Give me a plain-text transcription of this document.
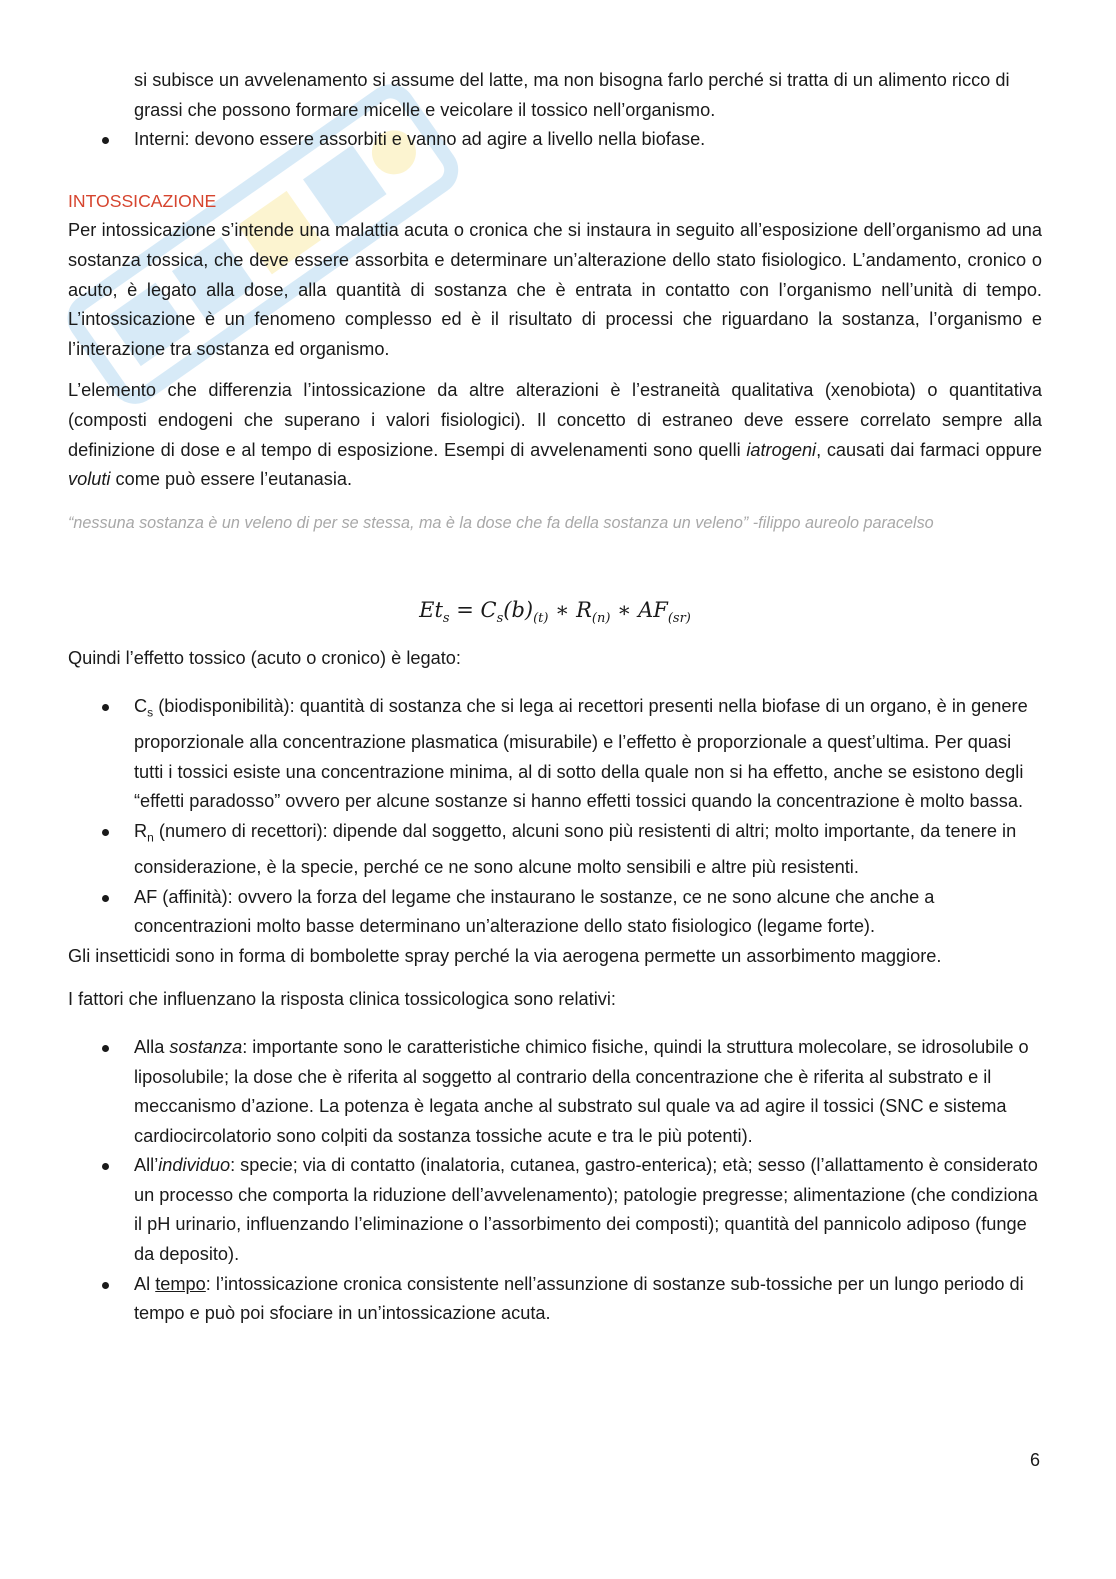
si subisce un avvelenamento si assume del latte, ma non bisogna farlo perché si tratta di un alimento ricco di grassi che possono formare micelle e veicolare il tossico nell’organismo.

Interni: devono essere assorbiti e vanno ad agire a livello nella biofase.

INTOSSICAZIONE

Per intossicazione s’intende una malattia acuta o cronica che si instaura in seguito all’esposizione dell’organismo ad una sostanza tossica, che deve essere assorbita e determinare un’alterazione dello stato fisiologico. L’andamento, cronico o acuto, è legato alla dose, alla quantità di sostanza che è entrata in contatto con l’organismo nell’unità di tempo. L’intossicazione è un fenomeno complesso ed è il risultato di processi che riguardano la sostanza, l’organismo e l’interazione tra sostanza ed organismo.

L’elemento che differenzia l’intossicazione da altre alterazioni è l’estraneità qualitativa (xenobiota) o quantitativa (composti endogeni che superano i valori fisiologici). Il concetto di estraneo deve essere correlato sempre alla definizione di dose e al tempo di esposizione. Esempi di avvelenamenti sono quelli iatrogeni, causati dai farmaci oppure voluti come può essere l’eutanasia.

“nessuna sostanza è un veleno di per se stessa, ma è la dose che fa della sostanza un veleno” -filippo aureolo paracelso

$Et_s = C_s(b)_{(t)}$ ∗ $R_{(n)}$ ∗ $AF_{(sr)}$

Quindi l’effetto tossico (acuto o cronico) è legato:

$C_s$ (biodisponibilità): quantità di sostanza che si lega ai recettori presenti nella biofase di un organo, è in genere proporzionale alla concentrazione plasmatica (misurabile) e l’effetto è proporzionale a quest’ultima. Per quasi tutti i tossici esiste una concentrazione minima, al di sotto della quale non si ha effetto, anche se esistono degli “effetti paradosso” ovvero per alcune sostanze si hanno effetti tossici quando la concentrazione è molto bassa.
$R_n$ (numero di recettori): dipende dal soggetto, alcuni sono più resistenti di altri; molto importante, da tenere in considerazione, è la specie, perché ce ne sono alcune molto sensibili e altre più resistenti.
AF (affinità): ovvero la forza del legame che instaurano le sostanze, ce ne sono alcune che anche a concentrazioni molto basse determinano un’alterazione dello stato fisiologico (legame forte).

Gli insetticidi sono in forma di bombolette spray perché la via aerogena permette un assorbimento maggiore.

I fattori che influenzano la risposta clinica tossicologica sono relativi:

Alla sostanza: importante sono le caratteristiche chimico fisiche, quindi la struttura molecolare, se idrosolubile o liposolubile; la dose che è riferita al soggetto al contrario della concentrazione che è riferita al substrato e il meccanismo d’azione. La potenza è legata anche al substrato sul quale va ad agire il tossici (SNC e sistema cardiocircolatorio sono colpiti da sostanza tossiche acute e tra le più potenti).
All’individuo: specie; via di contatto (inalatoria, cutanea, gastro-enterica); età; sesso (l’allattamento è considerato un processo che comporta la riduzione dell’avvelenamento); patologie pregresse; alimentazione (che condiziona il pH urinario, influenzando l’eliminazione o l’assorbimento dei composti); quantità del pannicolo adiposo (funge da deposito).
Al tempo: l’intossicazione cronica consistente nell’assunzione di sostanze sub-tossiche per un lungo periodo di tempo e può poi sfociare in un’intossicazione acuta.
6
